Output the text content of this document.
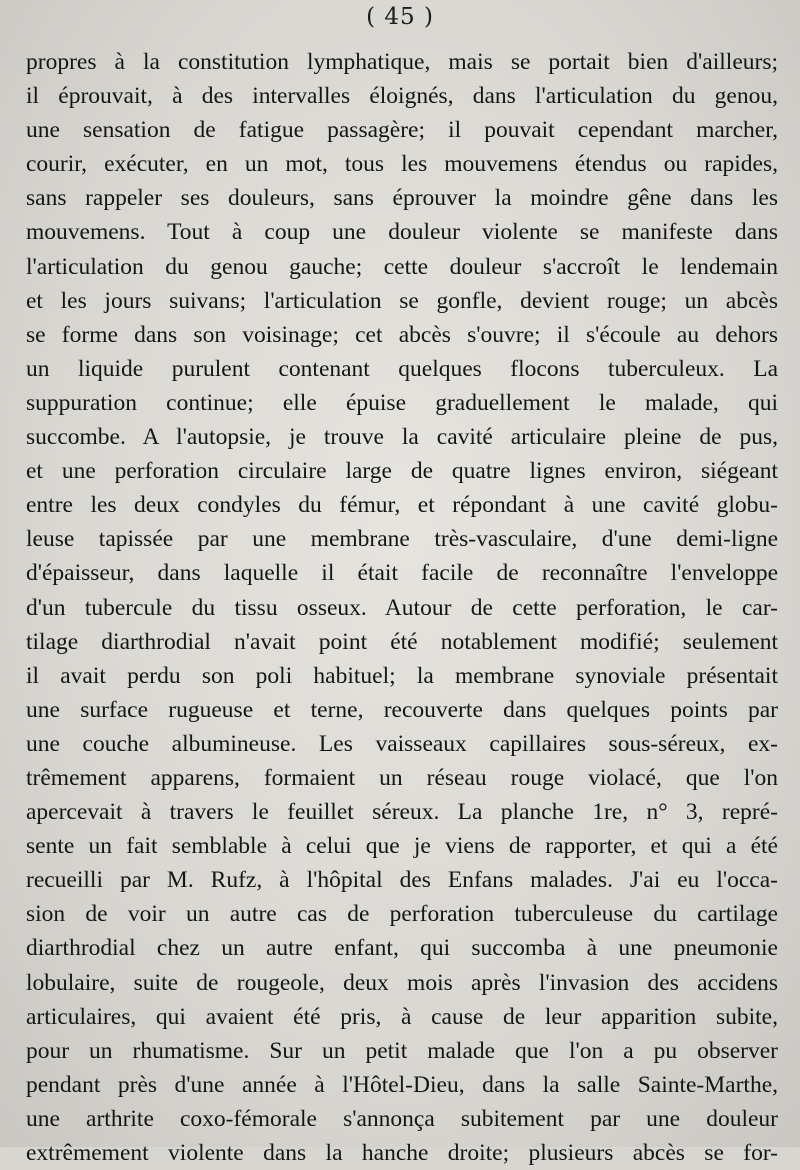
( 45 )
propres à la constitution lymphatique, mais se portait bien d'ailleurs;
il éprouvait, à des intervalles éloignés, dans l'articulation du genou,
une sensation de fatigue passagère; il pouvait cependant marcher,
courir, exécuter, en un mot, tous les mouvemens étendus ou rapides,
sans rappeler ses douleurs, sans éprouver la moindre gêne dans les
mouvemens. Tout à coup une douleur violente se manifeste dans
l'articulation du genou gauche; cette douleur s'accroît le lendemain
et les jours suivans; l'articulation se gonfle, devient rouge; un abcès
se forme dans son voisinage; cet abcès s'ouvre; il s'écoule au dehors
un liquide purulent contenant quelques flocons tuberculeux. La
suppuration continue; elle épuise graduellement le malade, qui
succombe. A l'autopsie, je trouve la cavité articulaire pleine de pus,
et une perforation circulaire large de quatre lignes environ, siégeant
entre les deux condyles du fémur, et répondant à une cavité globu-
leuse tapissée par une membrane très-vasculaire, d'une demi-ligne
d'épaisseur, dans laquelle il était facile de reconnaître l'enveloppe
d'un tubercule du tissu osseux. Autour de cette perforation, le car-
tilage diarthrodial n'avait point été notablement modifié; seulement
il avait perdu son poli habituel; la membrane synoviale présentait
une surface rugueuse et terne, recouverte dans quelques points par
une couche albumineuse. Les vaisseaux capillaires sous-séreux, ex-
trêmement apparens, formaient un réseau rouge violacé, que l'on
apercevait à travers le feuillet séreux. La planche 1re, n° 3, repré-
sente un fait semblable à celui que je viens de rapporter, et qui a été
recueilli par M. Rufz, à l'hôpital des Enfans malades. J'ai eu l'occa-
sion de voir un autre cas de perforation tuberculeuse du cartilage
diarthrodial chez un autre enfant, qui succomba à une pneumonie
lobulaire, suite de rougeole, deux mois après l'invasion des accidens
articulaires, qui avaient été pris, à cause de leur apparition subite,
pour un rhumatisme. Sur un petit malade que l'on a pu observer
pendant près d'une année à l'Hôtel-Dieu, dans la salle Sainte-Marthe,
une arthrite coxo-fémorale s'annonça subitement par une douleur
extrêmement violente dans la hanche droite; plusieurs abcès se for-
